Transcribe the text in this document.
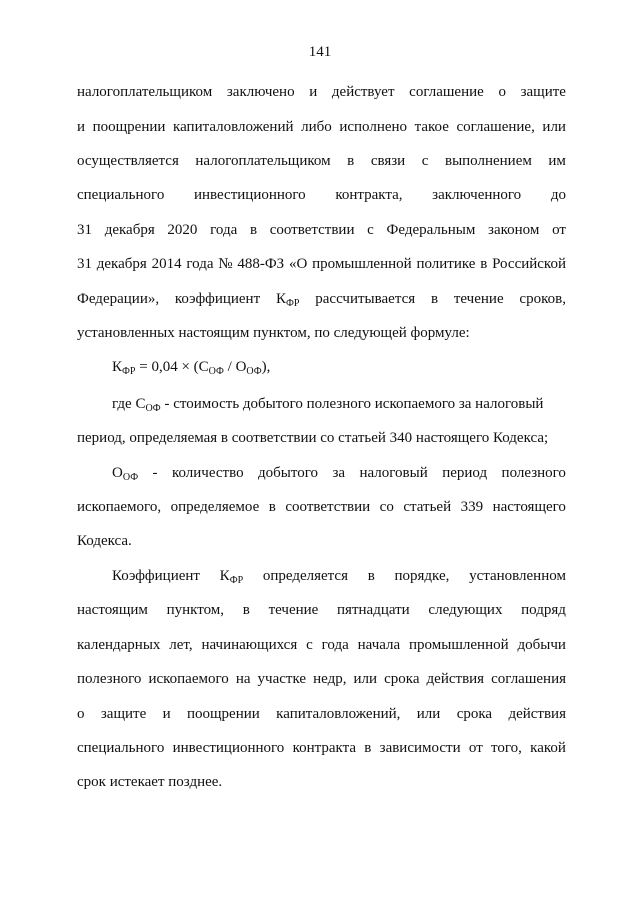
141
налогоплательщиком заключено и действует соглашение о защите
и поощрении капиталовложений либо исполнено такое соглашение, или
осуществляется налогоплательщиком в связи с выполнением им
специального инвестиционного контракта, заключенного до
31 декабря 2020 года в соответствии с Федеральным законом от
31 декабря 2014 года № 488-ФЗ «О промышленной политике в Российской
Федерации», коэффициент $К_{ФР}$ рассчитывается в течение сроков,
установленных настоящим пунктом, по следующей формуле:
$К_{ФР} = 0,04 \times (С_{ОФ} / О_{ОФ})$,
где $С_{ОФ}$ - стоимость добытого полезного ископаемого за налоговый
период, определяемая в соответствии со статьей 340 настоящего Кодекса;
$О_{ОФ}$ - количество добытого за налоговый период полезного
ископаемого, определяемое в соответствии со статьей 339 настоящего
Кодекса.
Коэффициент $К_{ФР}$ определяется в порядке, установленном
настоящим пунктом, в течение пятнадцати следующих подряд
календарных лет, начинающихся с года начала промышленной добычи
полезного ископаемого на участке недр, или срока действия соглашения
о защите и поощрении капиталовложений, или срока действия
специального инвестиционного контракта в зависимости от того, какой
срок истекает позднее.
